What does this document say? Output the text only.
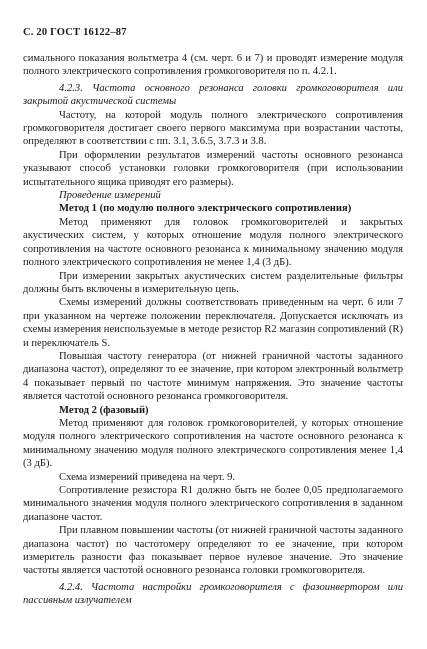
С. 20 ГОСТ 16122–87

симального показания вольтметра 4 (см. черт. 6 и 7) и проводят измерение модуля полного электрического сопротивления громкоговорителя по п. 4.2.1.

4.2.3. Частота основного резонанса головки громкоговорителя или закрытой акустической системы

Частоту, на которой модуль полного электрического сопротивления громкоговорителя достигает своего первого максимума при возрастании частоты, определяют в соответствии с пп. 3.1, 3.6.5, 3.7.3 и 3.8.

При оформлении результатов измерений частоты основного резонанса указывают способ установки головки громкоговорителя (при использовании испытательного ящика приводят его размеры).

Проведение измерений

Метод 1 (по модулю полного электрического сопротивления)

Метод применяют для головок громкоговорителей и закрытых акустических систем, у которых отношение модуля полного электрического сопротивления на частоте основного резонанса к минимальному значению модуля полного электрического сопротивления не менее 1,4 (3 дБ).

При измерении закрытых акустических систем разделительные фильтры должны быть включены в измерительную цепь.

Схемы измерений должны соответствовать приведенным на черт. 6 или 7 при указанном на чертеже положении переключателя. Допускается исключать из схемы измерения неиспользуемые в методе резистор R2 магазин сопротивлений (R) и переключатель S.

Повышая частоту генератора (от нижней граничной частоты заданного диапазона частот), определяют то ее значение, при котором электронный вольтметр 4 показывает первый по частоте минимум напряжения. Это значение частоты является частотой основного резонанса громкоговорителя.

Метод 2 (фазовый)

Метод применяют для головок громкоговорителей, у которых отношение модуля полного электрического сопротивления на частоте основного резонанса к минимальному значению модуля полного электрического сопротивления менее 1,4 (3 дБ).

Схема измерений приведена на черт. 9.

Сопротивление резистора R1 должно быть не более 0,05 предполагаемого минимального значения модуля полного электрического сопротивления в заданном диапазоне частот.

При плавном повышении частоты (от нижней граничной частоты заданного диапазона частот) по частотомеру определяют то ее значение, при котором измеритель разности фаз показывает первое нулевое значение. Это значение частоты является частотой основного резонанса головки громкоговорителя.

4.2.4. Частота настройки громкоговорителя с фазоинвертором или пассивным излучателем
